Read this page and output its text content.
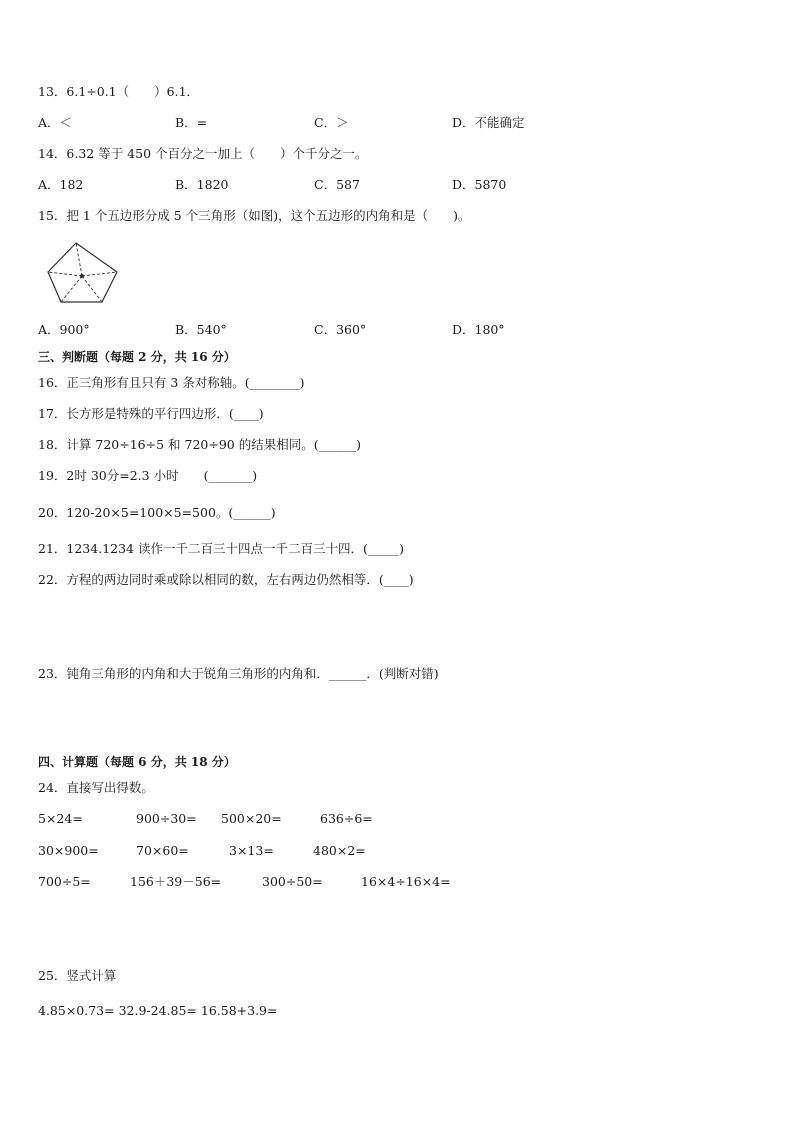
13．6.1÷0.1（　　）6.1．
A．＜	B．=	C．＞	D．不能确定
14．6.32 等于 450 个百分之一加上（　　）个千分之一。
A．182	B．1820	C．587	D．5870
15．把 1 个五边形分成 5 个三角形（如图)，这个五边形的内角和是（　　)。
A．900°	B．540°	C．360°	D．180°
三、判断题（每题 2 分，共 16 分）
16．正三角形有且只有 3 条对称轴。(________)
17．长方形是特殊的平行四边形．(____)
18．计算 720÷16÷5 和 720÷90 的结果相同。(______)
19．2时 30分=2.3 小时　　(_______)
20．120-20×5=100×5=500。(______)
21．1234.1234 读作一千二百三十四点一千二百三十四．(_____)
22．方程的两边同时乘或除以相同的数，左右两边仍然相等．(____)
23．钝角三角形的内角和大于锐角三角形的内角和．______．(判断对错)
四、计算题（每题 6 分，共 18 分）
24．直接写出得数。
5×24=	900÷30= 500×20=	636÷6=
30×900=	70×60=	3×13=	480×2=
700÷5=	156＋39－56=	300÷50=	16×4÷16×4=
25．竖式计算
4.85×0.73= 32.9-24.85= 16.58+3.9=
